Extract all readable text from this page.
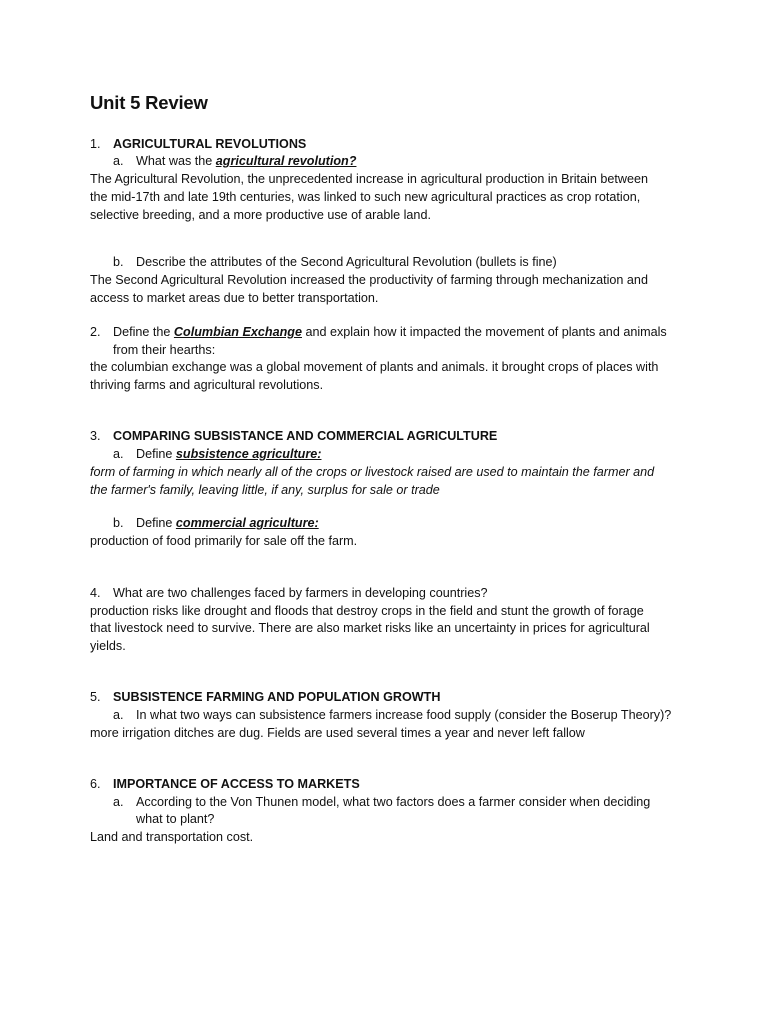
Unit 5 Review
1. AGRICULTURAL REVOLUTIONS
a. What was the agricultural revolution?
The Agricultural Revolution, the unprecedented increase in agricultural production in Britain between
the mid-17th and late 19th centuries, was linked to such new agricultural practices as crop rotation,
selective breeding, and a more productive use of arable land.
b. Describe the attributes of the Second Agricultural Revolution (bullets is fine)
The Second Agricultural Revolution increased the productivity of farming through mechanization and
access to market areas due to better transportation.
2. Define the Columbian Exchange and explain how it impacted the movement of plants and animals
from their hearths:
the columbian exchange was a global movement of plants and animals. it brought crops of places with
thriving farms and agricultural revolutions.
3. COMPARING SUBSISTANCE AND COMMERCIAL AGRICULTURE
a. Define subsistence agriculture:
form of farming in which nearly all of the crops or livestock raised are used to maintain the farmer and
the farmer's family, leaving little, if any, surplus for sale or trade
b. Define commercial agriculture:
production of food primarily for sale off the farm.
4. What are two challenges faced by farmers in developing countries?
production risks like drought and floods that destroy crops in the field and stunt the growth of forage
that livestock need to survive. There are also market risks like an uncertainty in prices for agricultural
yields.
5. SUBSISTENCE FARMING AND POPULATION GROWTH
a. In what two ways can subsistence farmers increase food supply (consider the Boserup Theory)?
more irrigation ditches are dug. Fields are used several times a year and never left fallow
6. IMPORTANCE OF ACCESS TO MARKETS
a. According to the Von Thunen model, what two factors does a farmer consider when deciding
what to plant?
Land and transportation cost.
